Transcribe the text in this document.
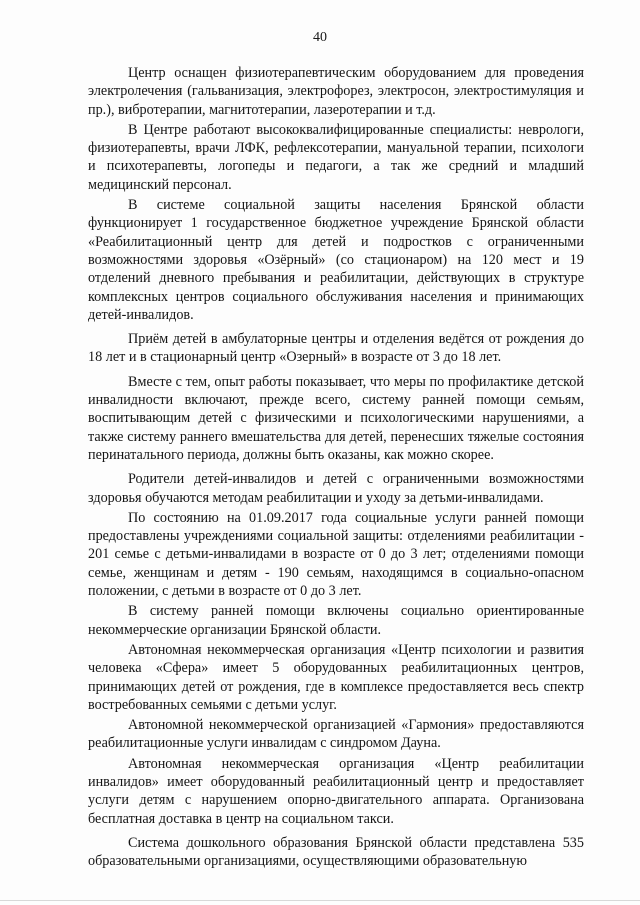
40

Центр оснащен физиотерапевтическим оборудованием для проведения электролечения (гальванизация, электрофорез, электросон, электростимуляция и пр.), вибротерапии, магнитотерапии, лазеротерапии и т.д.

В Центре работают высококвалифицированные специалисты: неврологи, физиотерапевты, врачи ЛФК, рефлексотерапии, мануальной терапии, психологи и психотерапевты, логопеды и педагоги, а так же средний и младший медицинский персонал.

В системе социальной защиты населения Брянской области функционирует 1 государственное бюджетное учреждение Брянской области «Реабилитационный центр для детей и подростков с ограниченными возможностями здоровья «Озёрный» (со стационаром) на 120 мест и 19 отделений дневного пребывания и реабилитации, действующих в структуре комплексных центров социального обслуживания населения и принимающих детей-инвалидов.

Приём детей в амбулаторные центры и отделения ведётся от рождения до 18 лет и в стационарный центр «Озерный» в возрасте от 3 до 18 лет.

Вместе с тем, опыт работы показывает, что меры по профилактике детской инвалидности включают, прежде всего, систему ранней помощи семьям, воспитывающим детей с физическими и психологическими нарушениями, а также систему раннего вмешательства для детей, перенесших тяжелые состояния перинатального периода, должны быть оказаны, как можно скорее.

Родители детей-инвалидов и детей с ограниченными возможностями здоровья обучаются методам реабилитации и уходу за детьми-инвалидами.

По состоянию на 01.09.2017 года социальные услуги ранней помощи предоставлены учреждениями социальной защиты: отделениями реабилитации - 201 семье с детьми-инвалидами в возрасте от 0 до 3 лет; отделениями помощи семье, женщинам и детям - 190 семьям, находящимся в социально-опасном положении, с детьми в возрасте от 0 до 3 лет.

В систему ранней помощи включены социально ориентированные некоммерческие организации Брянской области.

Автономная некоммерческая организация «Центр психологии и развития человека «Сфера» имеет 5 оборудованных реабилитационных центров, принимающих детей от рождения, где в комплексе предоставляется весь спектр востребованных семьями с детьми услуг.

Автономной некоммерческой организацией «Гармония» предоставляются реабилитационные услуги инвалидам с синдромом Дауна.

Автономная некоммерческая организация «Центр реабилитации инвалидов» имеет оборудованный реабилитационный центр и предоставляет услуги детям с нарушением опорно-двигательного аппарата. Организована бесплатная доставка в центр на социальном такси.

Система дошкольного образования Брянской области представлена 535 образовательными организациями, осуществляющими образовательную
